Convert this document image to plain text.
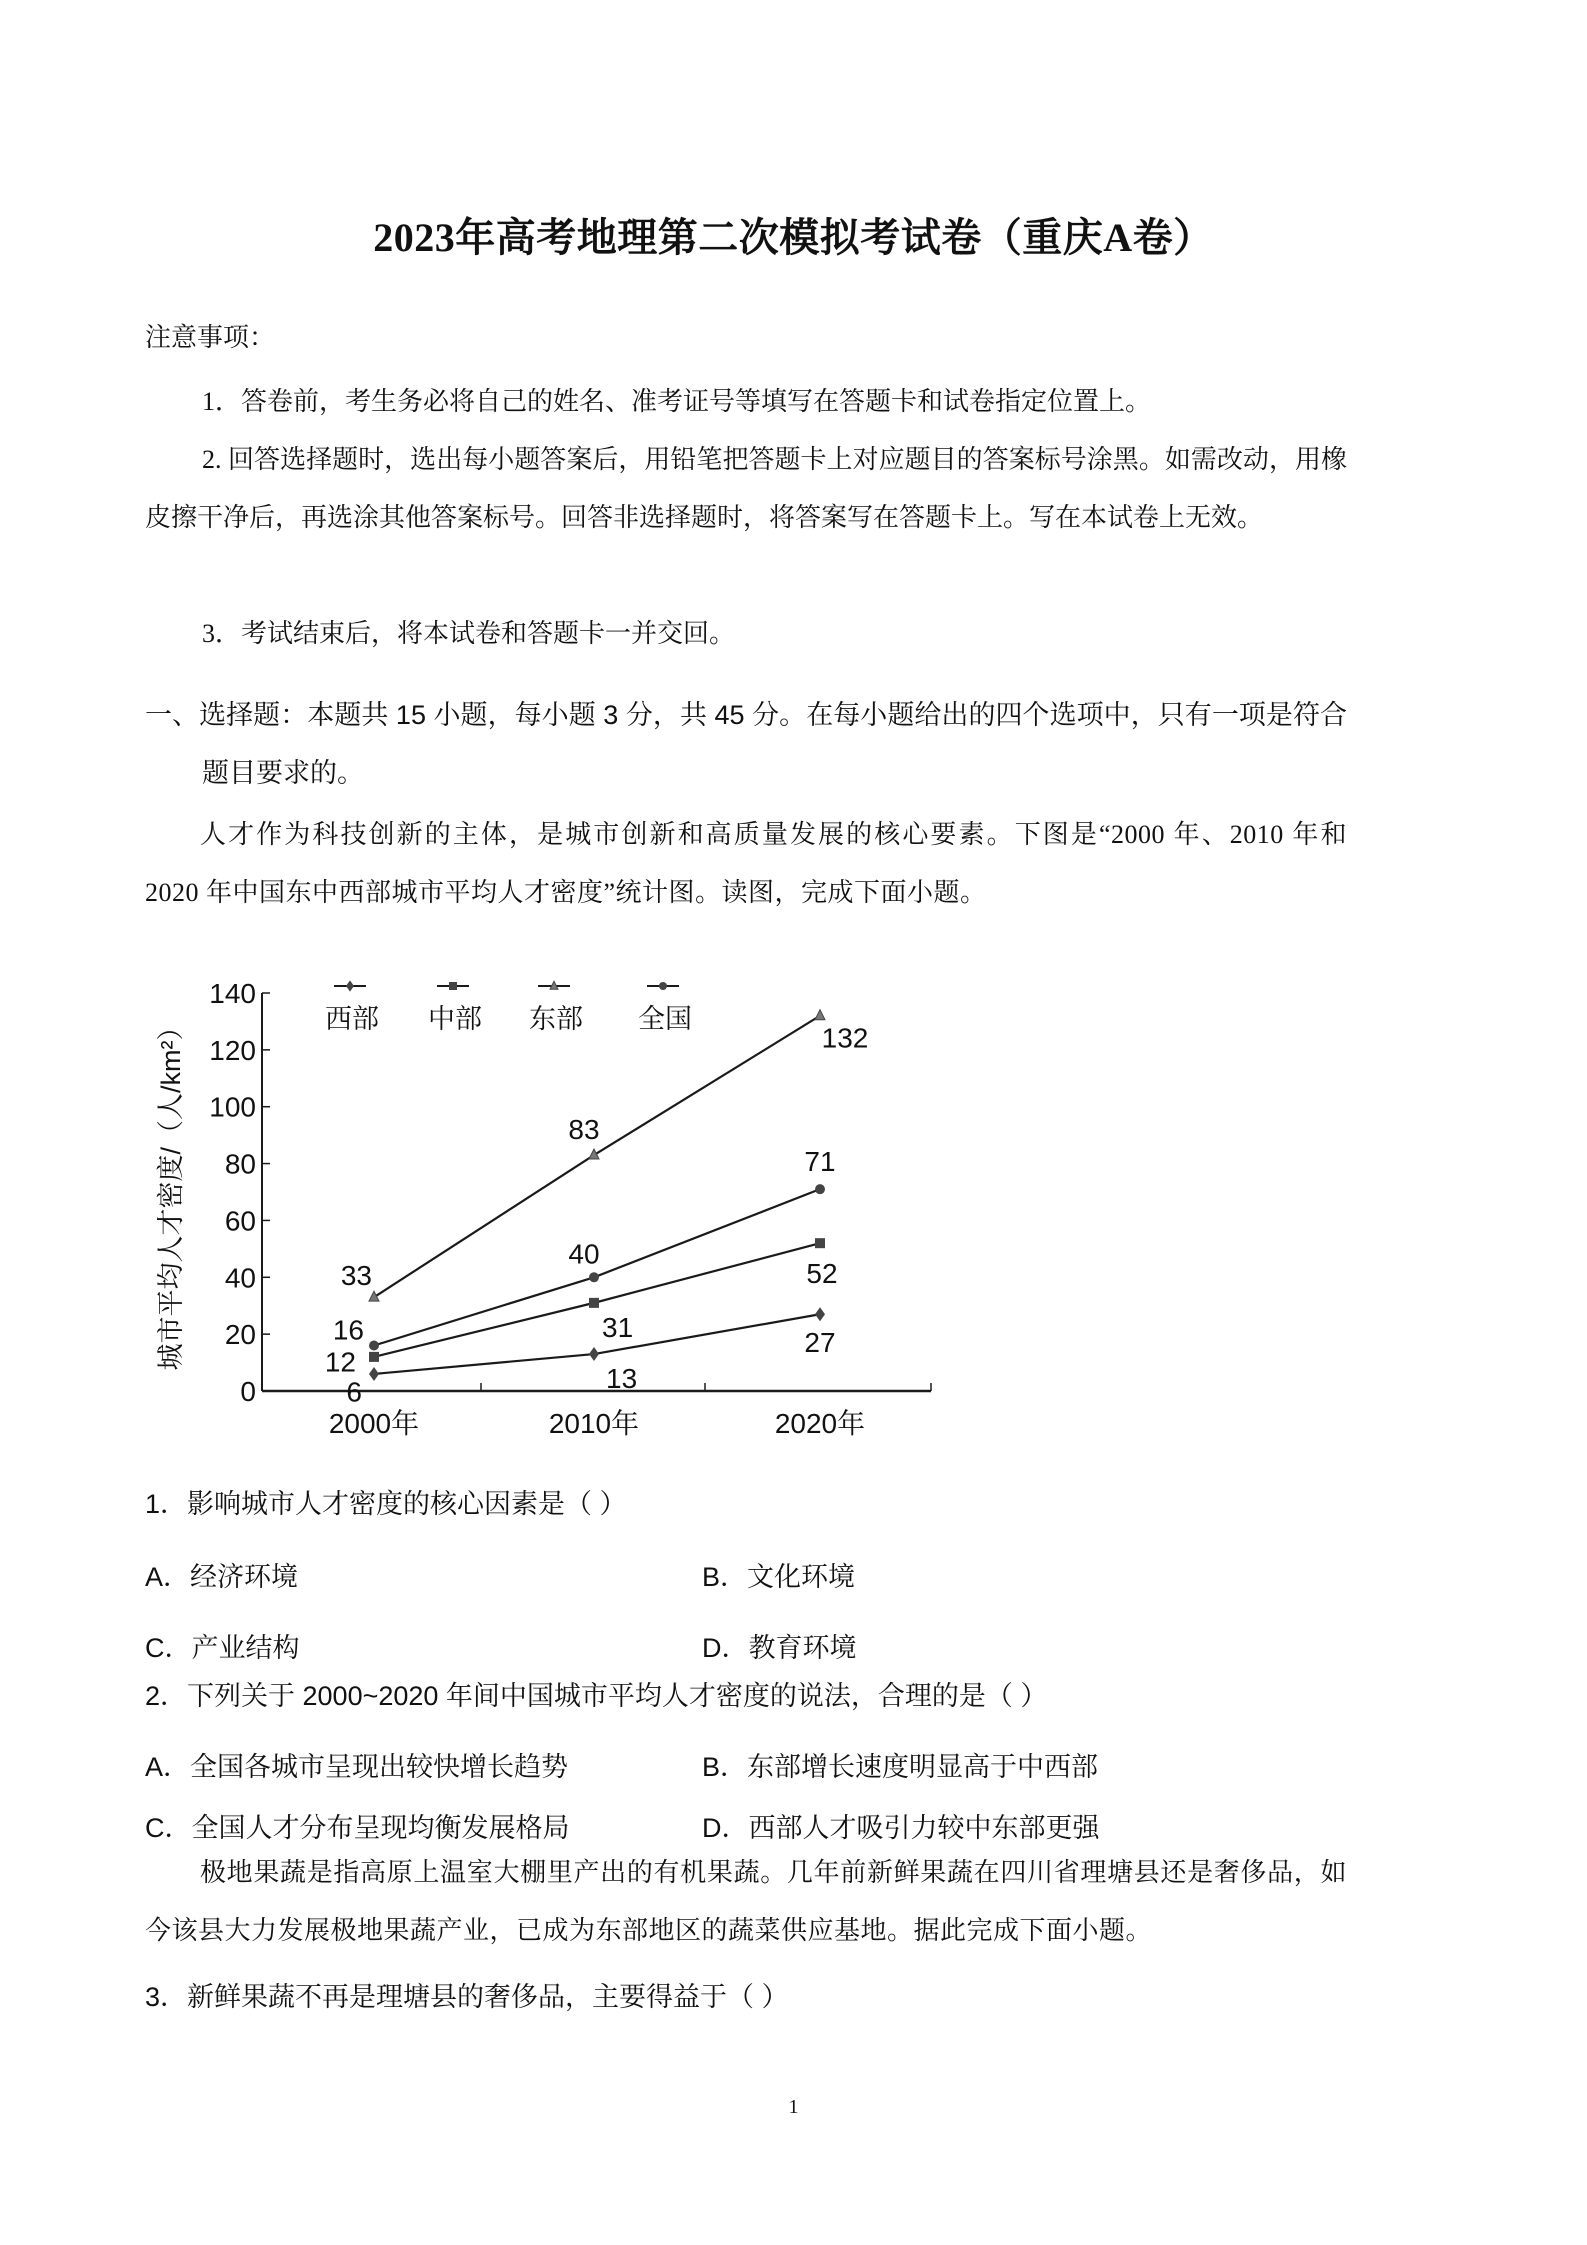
2023年高考地理第二次模拟考试卷（重庆A卷）
注意事项：
1．答卷前，考生务必将自己的姓名、准考证号等填写在答题卡和试卷指定位置上。
2. 回答选择题时，选出每小题答案后，用铅笔把答题卡上对应题目的答案标号涂黑。如需改动，用橡皮擦干净后，再选涂其他答案标号。回答非选择题时，将答案写在答题卡上。写在本试卷上无效。
3．考试结束后，将本试卷和答题卡一并交回。
一、选择题：本题共 15 小题，每小题 3 分，共 45 分。在每小题给出的四个选项中，只有一项是符合题目要求的。
人才作为科技创新的主体，是城市创新和高质量发展的核心要素。下图是“2000 年、2010 年和 2020 年中国东中西部城市平均人才密度”统计图。读图，完成下面小题。
城市平均人才密度/（人/km²）
0
20
40
60
80
100
120
140
2000年	2010年	2020年
6	13
27
12
31
52
33
83
132
16
40
71
西部 中部 东部 全国
1．影响城市人才密度的核心因素是（ ）
A．经济环境	B．文化环境
C．产业结构	D．教育环境
2．下列关于 2000~2020 年间中国城市平均人才密度的说法，合理的是（ ）
A．全国各城市呈现出较快增长趋势	B．东部增长速度明显高于中西部
C．全国人才分布呈现均衡发展格局	D．西部人才吸引力较中东部更强
极地果蔬是指高原上温室大棚里产出的有机果蔬。几年前新鲜果蔬在四川省理塘县还是奢侈品，如今该县大力发展极地果蔬产业，已成为东部地区的蔬菜供应基地。据此完成下面小题。
3．新鲜果蔬不再是理塘县的奢侈品，主要得益于（ ）
1
